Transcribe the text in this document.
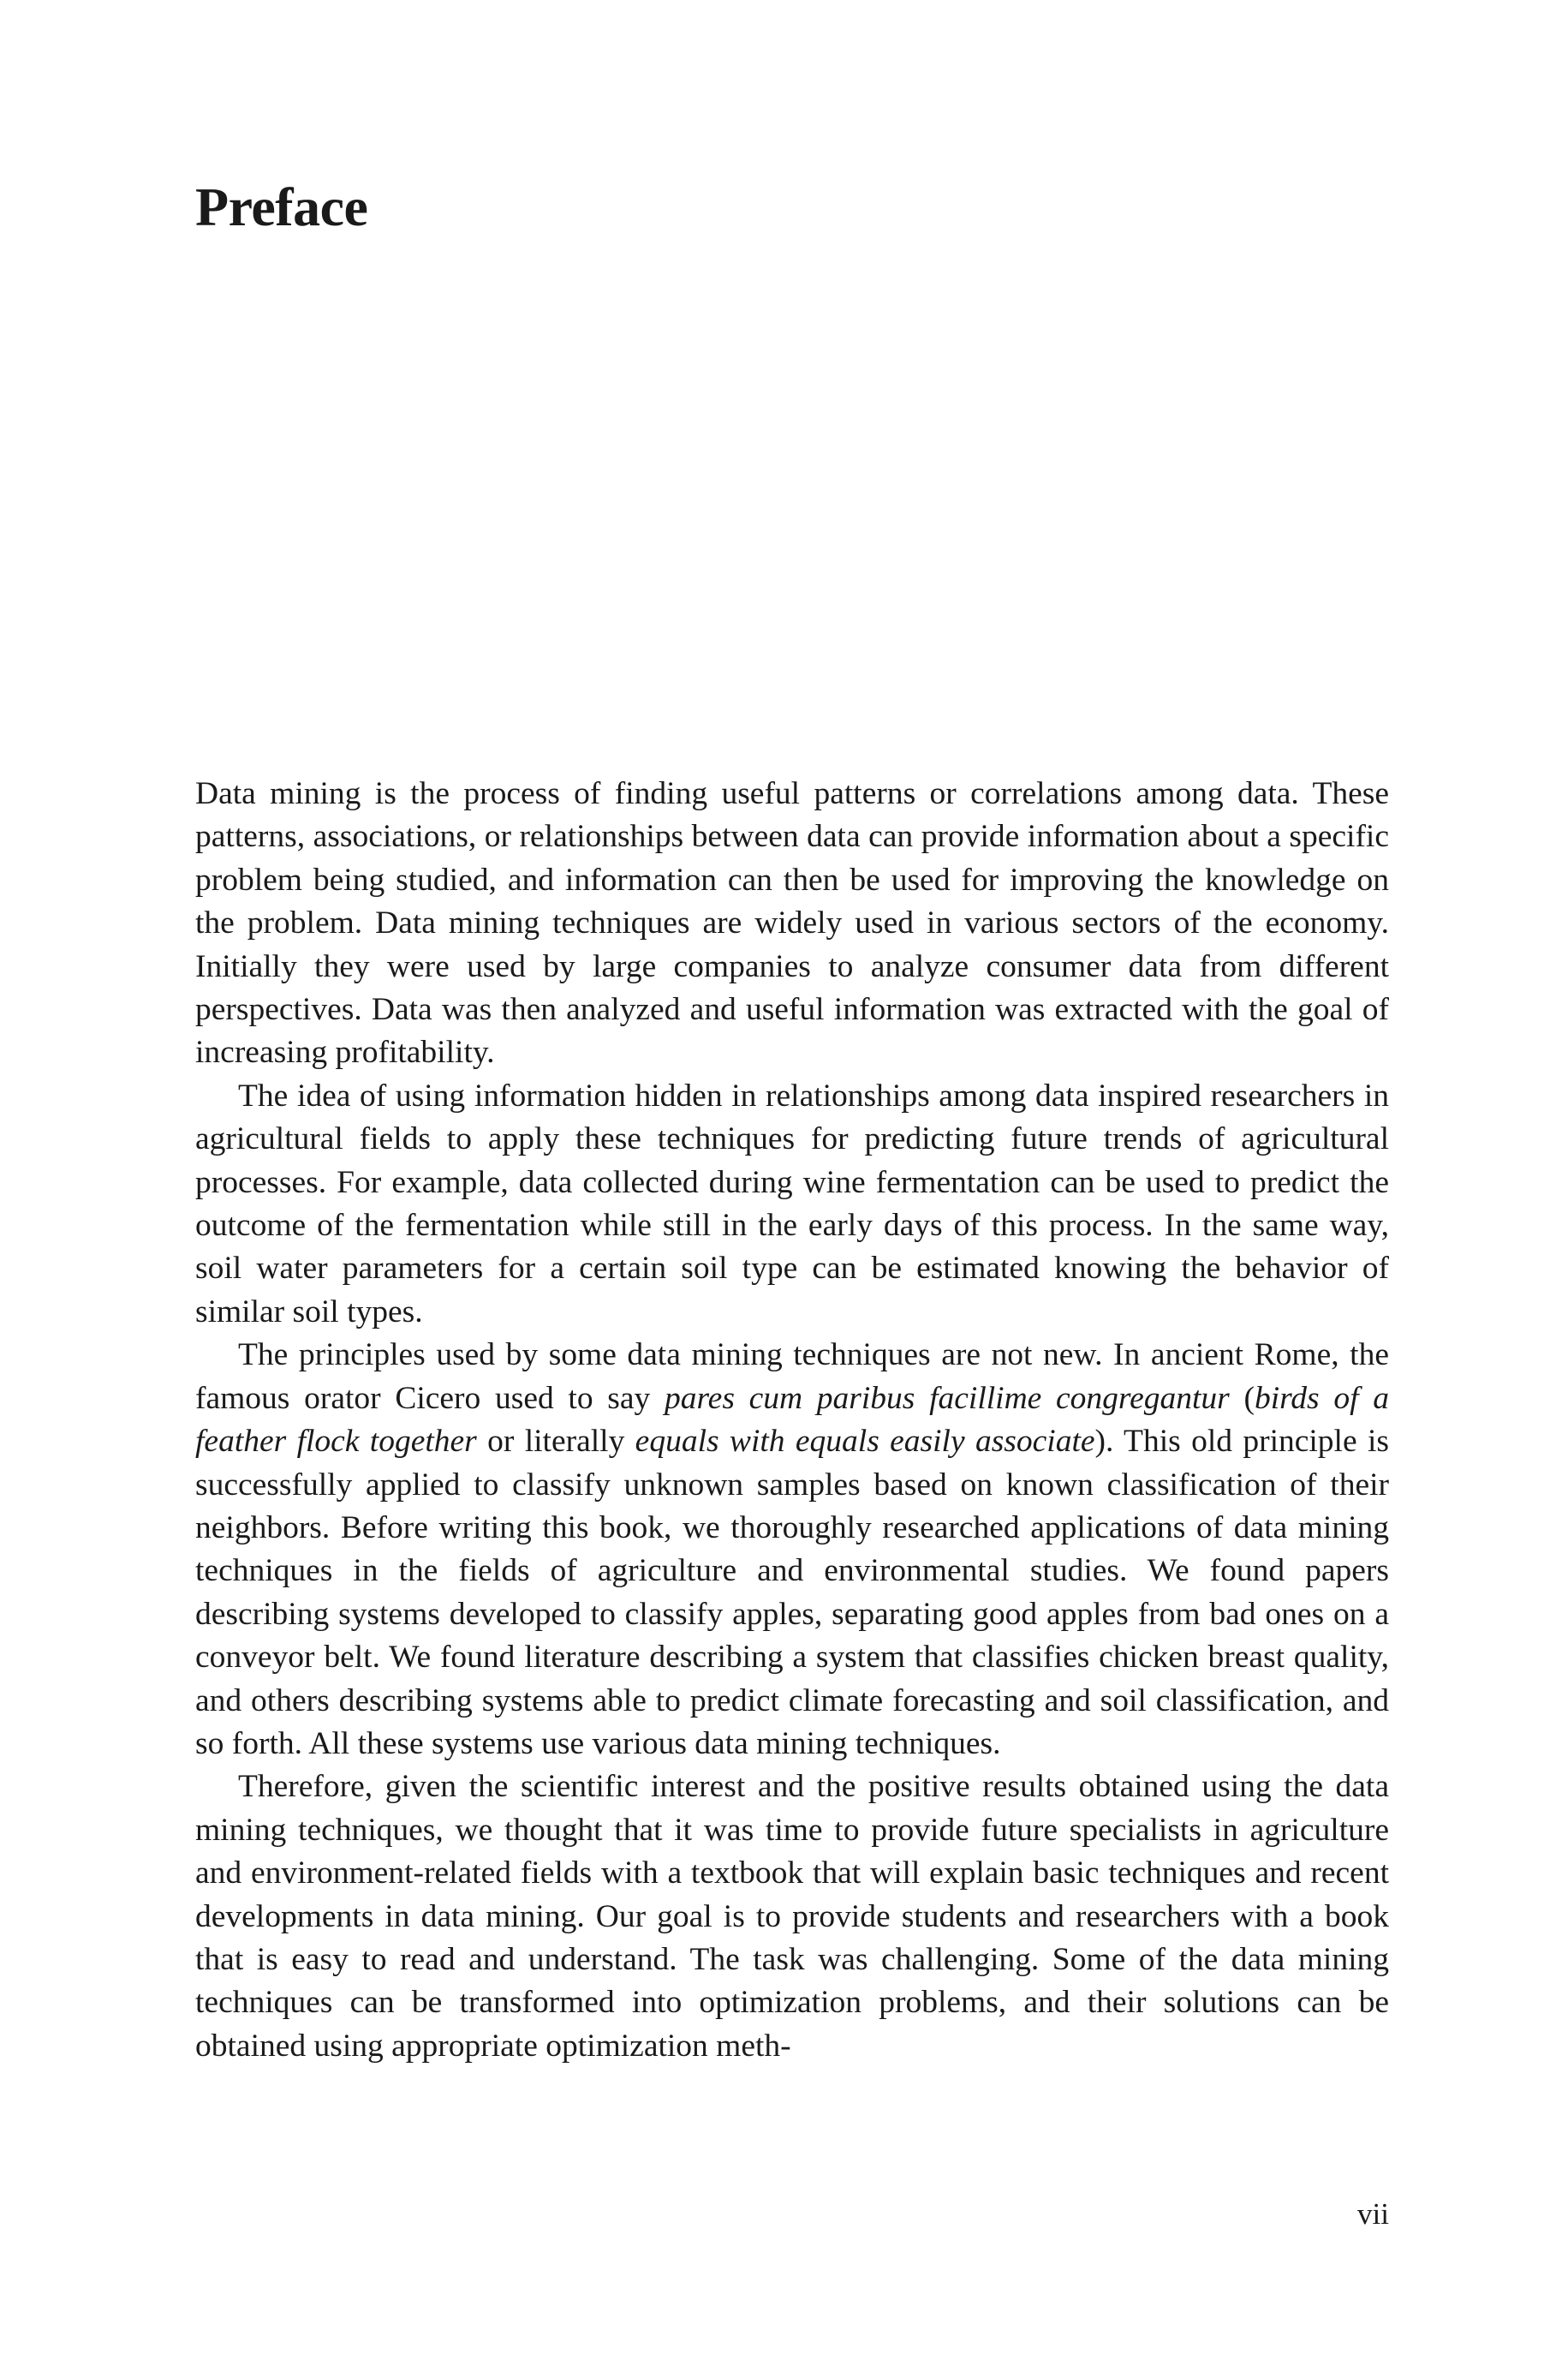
Preface

Data mining is the process of finding useful patterns or correlations among data. These patterns, associations, or relationships between data can provide information about a specific problem being studied, and information can then be used for improving the knowledge on the problem. Data mining techniques are widely used in various sectors of the economy. Initially they were used by large companies to analyze consumer data from different perspectives. Data was then analyzed and useful information was extracted with the goal of increasing profitability.

The idea of using information hidden in relationships among data inspired researchers in agricultural fields to apply these techniques for predicting future trends of agricultural processes. For example, data collected during wine fermentation can be used to predict the outcome of the fermentation while still in the early days of this process. In the same way, soil water parameters for a certain soil type can be estimated knowing the behavior of similar soil types.

The principles used by some data mining techniques are not new. In ancient Rome, the famous orator Cicero used to say pares cum paribus facillime congregantur (birds of a feather flock together or literally equals with equals easily associate). This old principle is successfully applied to classify unknown samples based on known classification of their neighbors. Before writing this book, we thoroughly researched applications of data mining techniques in the fields of agriculture and environmental studies. We found papers describing systems developed to classify apples, separating good apples from bad ones on a conveyor belt. We found literature describing a system that classifies chicken breast quality, and others describing systems able to predict climate forecasting and soil classification, and so forth. All these systems use various data mining techniques.

Therefore, given the scientific interest and the positive results obtained using the data mining techniques, we thought that it was time to provide future specialists in agriculture and environment-related fields with a textbook that will explain basic techniques and recent developments in data mining. Our goal is to provide students and researchers with a book that is easy to read and understand. The task was challenging. Some of the data mining techniques can be transformed into optimization problems, and their solutions can be obtained using appropriate optimization meth-

vii
